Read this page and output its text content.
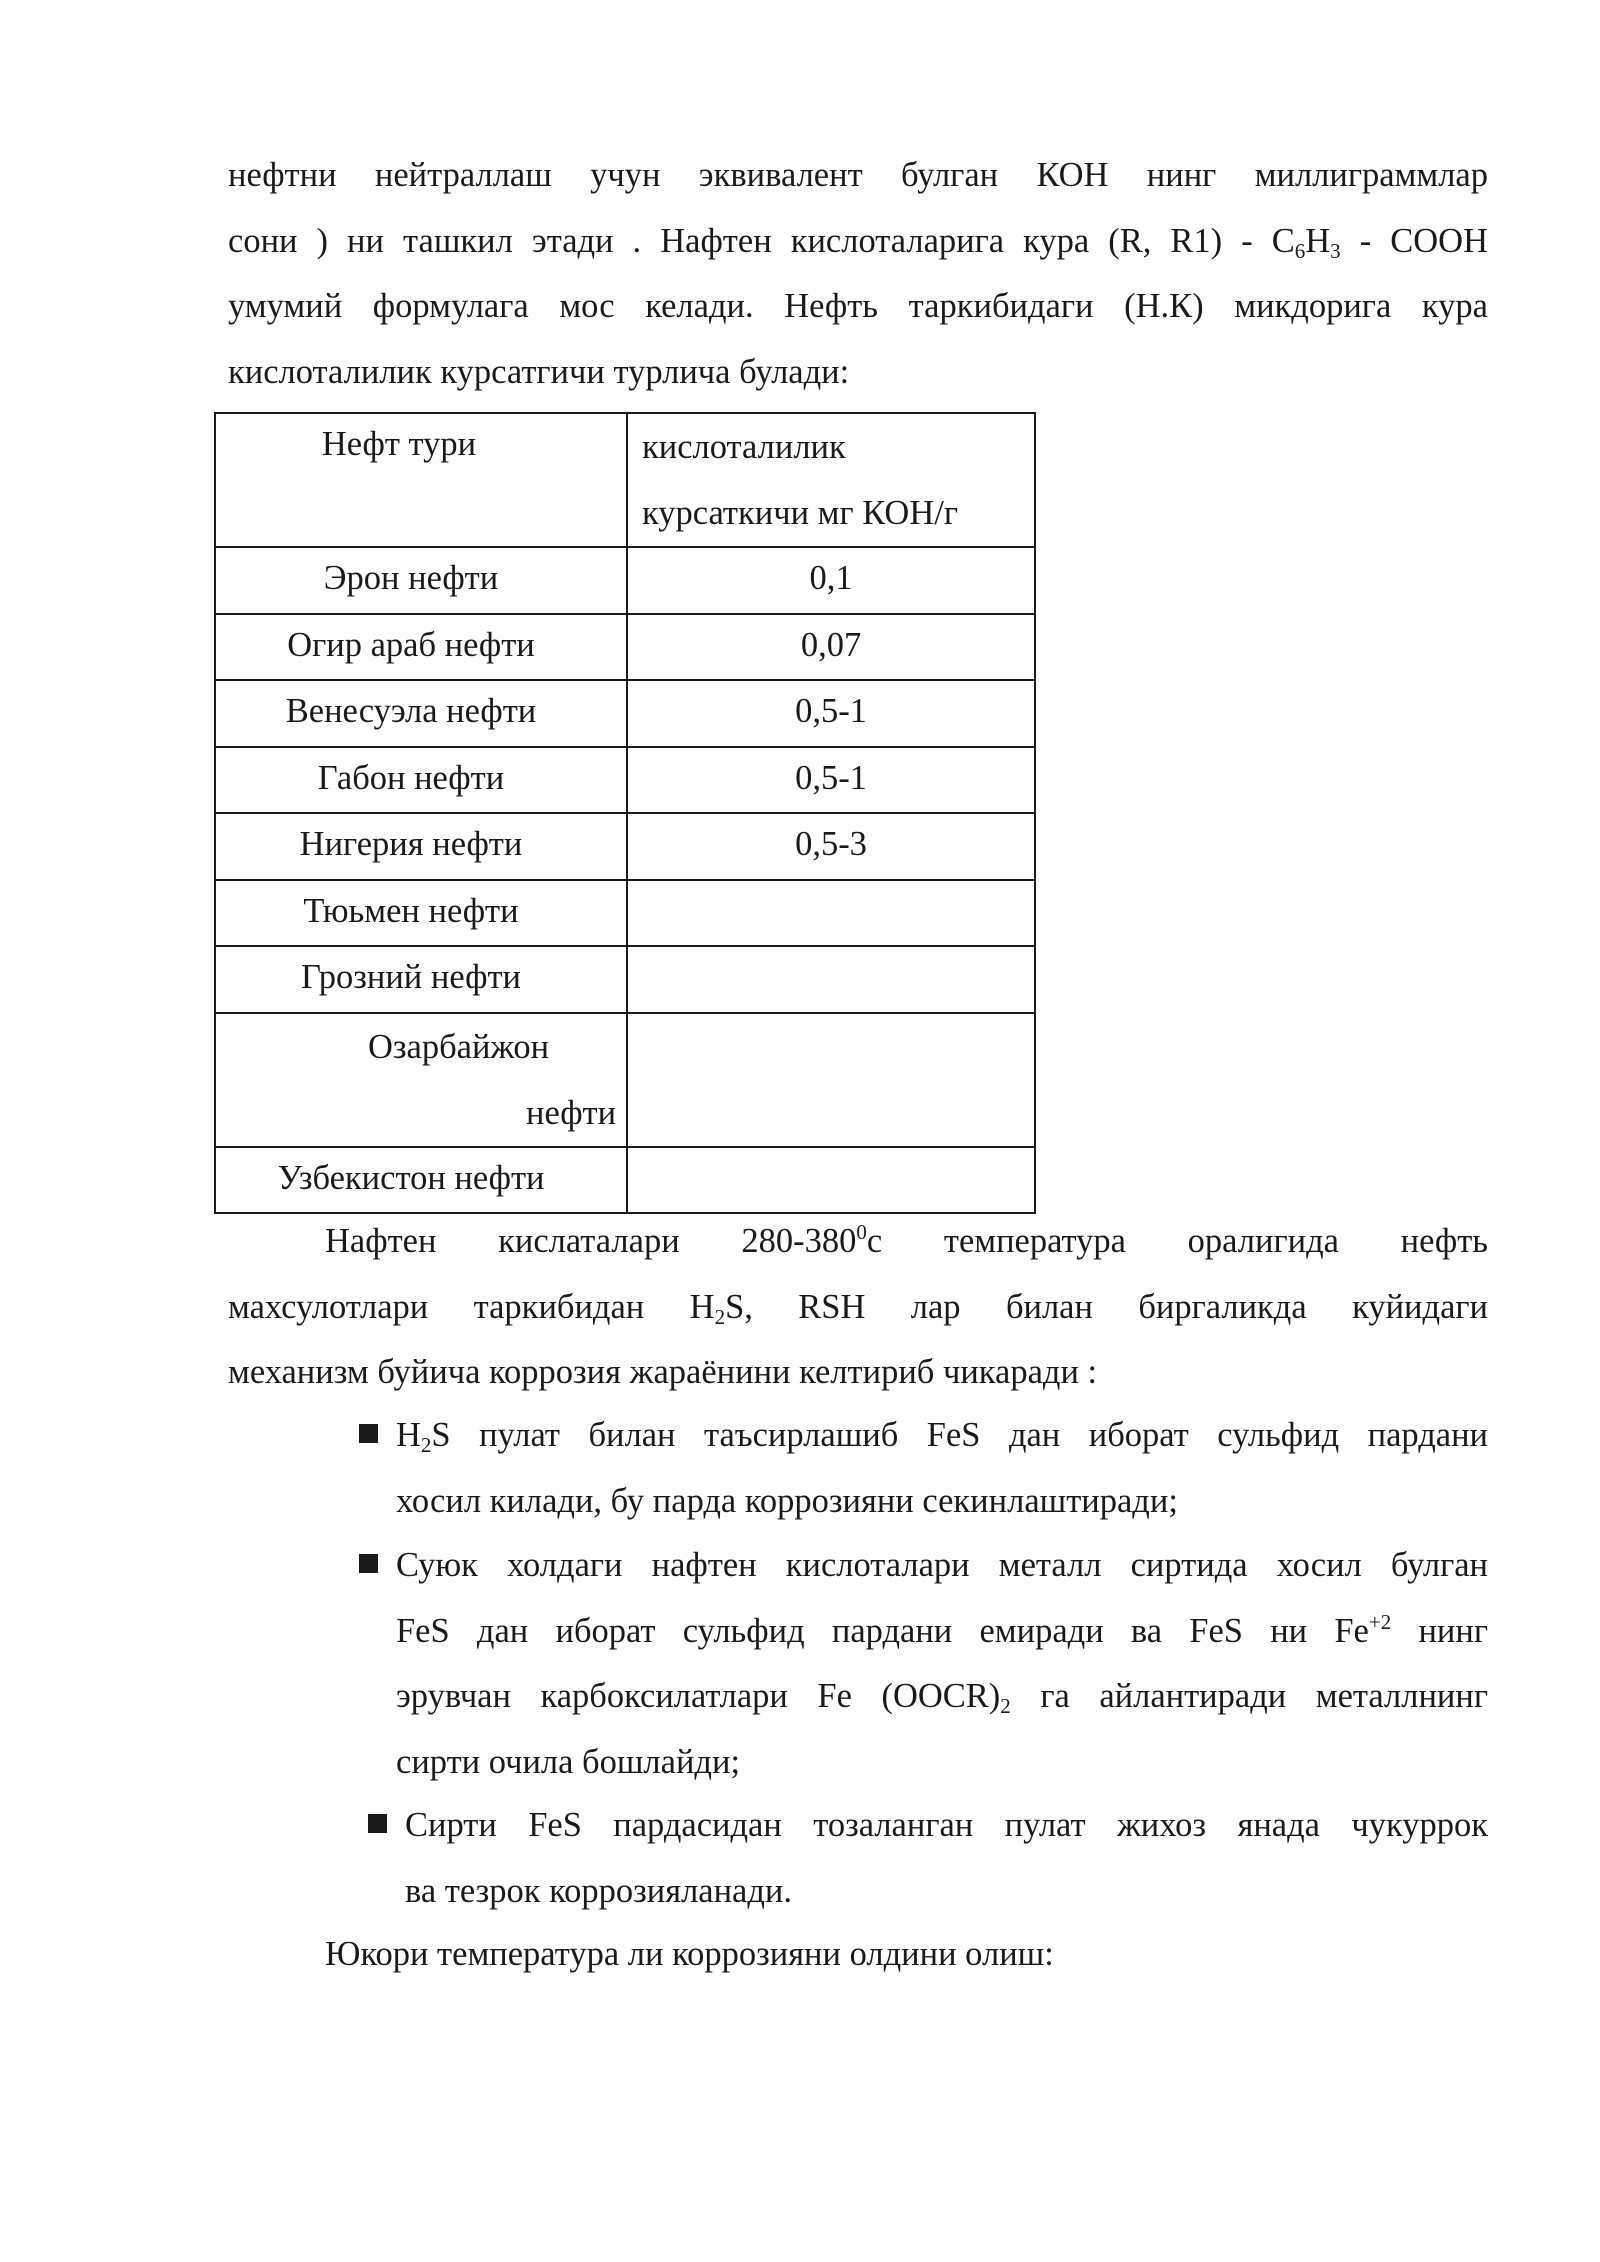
нефтни нейтраллаш учун эквивалент булган КОН нинг миллиграммлар
сони ) ни ташкил этади . Нафтен кислоталарига кура (R, $R1) - C_6H_3$ - COOH
умумий формулага мос келади. Нефть таркибидаги (Н.К) микдорига кура
кислоталилик курсатгичи турлича булади:

Нефт тури	кислоталилик
курсаткичи мг КОН/г

Эрон нефти	0,1

Огир араб нефти	0,07

Венесуэла нефти	0,5-1

Габон нефти	0,5-1

Нигерия нефти	0,5-3

Тюьмен нефти	

Грозний нефти	

Озарбайжон
нефти	

Узбекистон нефти	

Нафтен кислаталари $280-380^0c$ температура оралигида нефть
махсулотлари таркибидан $H_2S$, RSH лар билан биргаликда куйидаги
механизм буйича коррозия жараёнини келтириб чикаради :

$H_2S$ пулат билан таъсирлашиб FeS дан иборат сульфид пардани
хосил килади, бу парда коррозияни секинлаштиради;

Суюк холдаги нафтен кислоталари металл сиртида хосил булган
FeS дан иборат сульфид пардани емиради ва FeS ни $Fe^{+2}$ нинг
эрувчан карбоксилатлари Fe $(OOCR)_2$ га айлантиради металлнинг
сирти очила бошлайди;

Сирти FeS пардасидан тозаланган пулат жихоз янада чукуррок
ва тезрок коррозияланади.

Юкори температура ли коррозияни олдини олиш:
